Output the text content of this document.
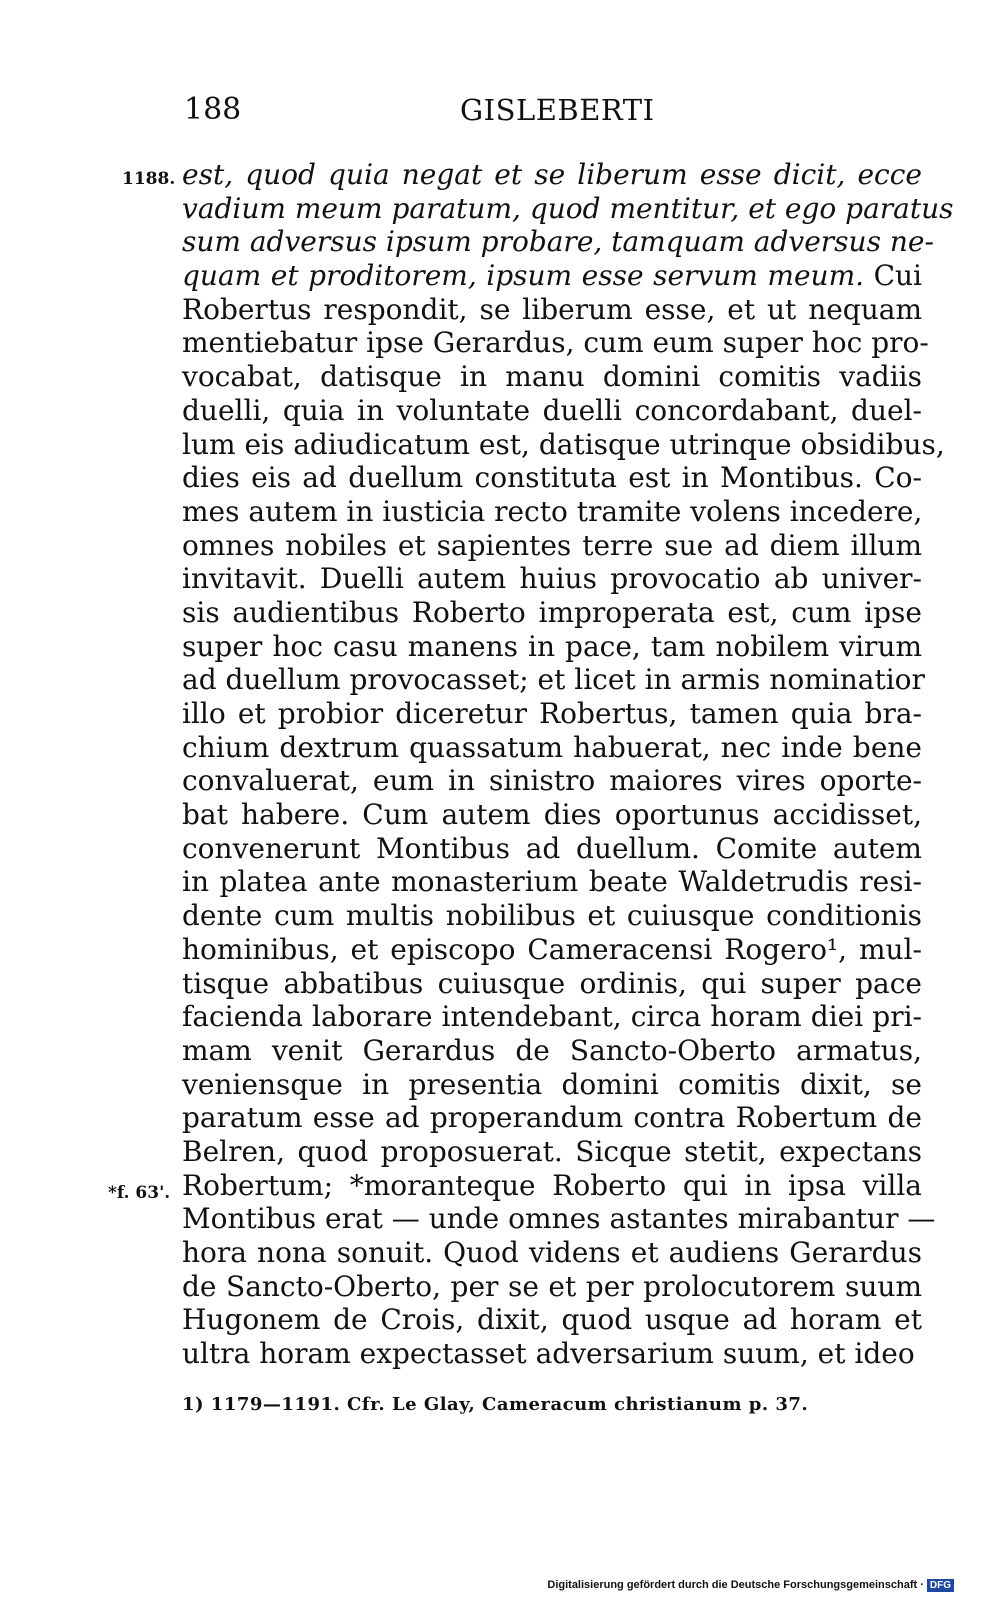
188	GISLEBERTI
1188.
*f. 63'.
est, quod quia negat et se liberum esse dicit, ecce
vadium meum paratum, quod mentitur, et ego paratus
sum adversus ipsum probare, tamquam adversus ne-
quam et proditorem, ipsum esse servum meum. Cui
Robertus respondit, se liberum esse, et ut nequam
mentiebatur ipse Gerardus, cum eum super hoc pro-
vocabat, datisque in manu domini comitis vadiis
duelli, quia in voluntate duelli concordabant, duel-
lum eis adiudicatum est, datisque utrinque obsidibus,
dies eis ad duellum constituta est in Montibus. Co-
mes autem in iusticia recto tramite volens incedere,
omnes nobiles et sapientes terre sue ad diem illum
invitavit. Duelli autem huius provocatio ab univer-
sis audientibus Roberto improperata est, cum ipse
super hoc casu manens in pace, tam nobilem virum
ad duellum provocasset; et licet in armis nominatior
illo et probior diceretur Robertus, tamen quia bra-
chium dextrum quassatum habuerat, nec inde bene
convaluerat, eum in sinistro maiores vires oporte-
bat habere. Cum autem dies oportunus accidisset,
convenerunt Montibus ad duellum. Comite autem
in platea ante monasterium beate Waldetrudis resi-
dente cum multis nobilibus et cuiusque conditionis
hominibus, et episcopo Cameracensi Rogero¹, mul-
tisque abbatibus cuiusque ordinis, qui super pace
facienda laborare intendebant, circa horam diei pri-
mam venit Gerardus de Sancto-Oberto armatus,
veniensque in presentia domini comitis dixit, se
paratum esse ad properandum contra Robertum de
Belren, quod proposuerat. Sicque stetit, expectans
Robertum; *moranteque Roberto qui in ipsa villa
Montibus erat — unde omnes astantes mirabantur —
hora nona sonuit. Quod videns et audiens Gerardus
de Sancto-Oberto, per se et per prolocutorem suum
Hugonem de Crois, dixit, quod usque ad horam et
ultra horam expectasset adversarium suum, et ideo
1) 1179—1191. Cfr. Le Glay, Cameracum christianum p. 37.
Digitalisierung gefördert durch die Deutsche Forschungsgemeinschaft · DFG
